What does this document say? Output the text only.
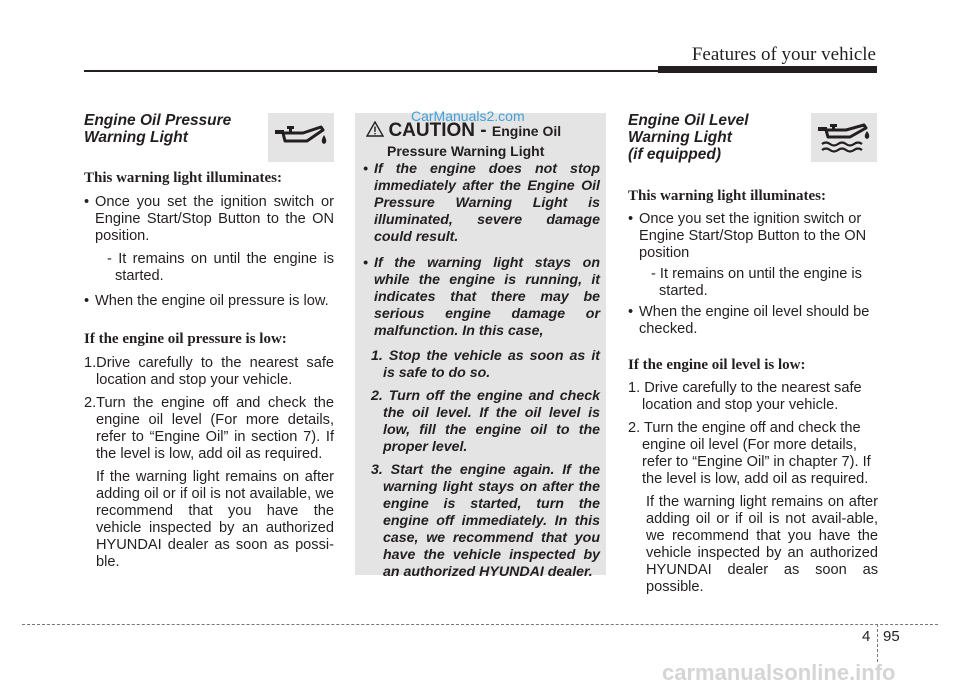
Features of your vehicle
Engine Oil Pressure
Warning Light
This warning light illuminates:
• Once you set the ignition switch or Engine Start/Stop Button to the ON position.
- It remains on until the engine is started.
• When the engine oil pressure is low.
If the engine oil pressure is low:
1.Drive carefully to the nearest safe location and stop your vehicle.
2.Turn the engine off and check the engine oil level (For more details, refer to “Engine Oil” in section 7). If the level is low, add oil as required.
If the warning light remains on after adding oil or if oil is not available, we recommend that you have the vehicle inspected by an authorized HYUNDAI dealer as soon as possi-ble.
CAUTION - Engine Oil
Pressure Warning Light
• If the engine does not stop immediately after the Engine Oil Pressure Warning Light is illuminated, severe damage could result.
• If the warning light stays on while the engine is running, it indicates that there may be serious engine damage or malfunction. In this case,
1. Stop the vehicle as soon as it is safe to do so.
2. Turn off the engine and check the oil level. If the oil level is low, fill the engine oil to the proper level.
3. Start the engine again. If the warning light stays on after the engine is started, turn the engine off immediately. In this case, we recommend that you have the vehicle inspected by an authorized HYUNDAI dealer.
CarManuals2.com	Engine Oil Level
Warning Light
(if equipped)
This warning light illuminates:
• Once you set the ignition switch or Engine Start/Stop Button to the ON position
- It remains on until the engine is started.
• When the engine oil level should be checked.
If the engine oil level is low:
1. Drive carefully to the nearest safe location and stop your vehicle.
2. Turn the engine off and check the engine oil level (For more details, refer to “Engine Oil” in chapter 7). If the level is low, add oil as required.
If the warning light remains on after adding oil or if oil is not avail-able, we recommend that you have the vehicle inspected by an authorized HYUNDAI dealer as soon as possible.
4 95
carmanualsonline.info
